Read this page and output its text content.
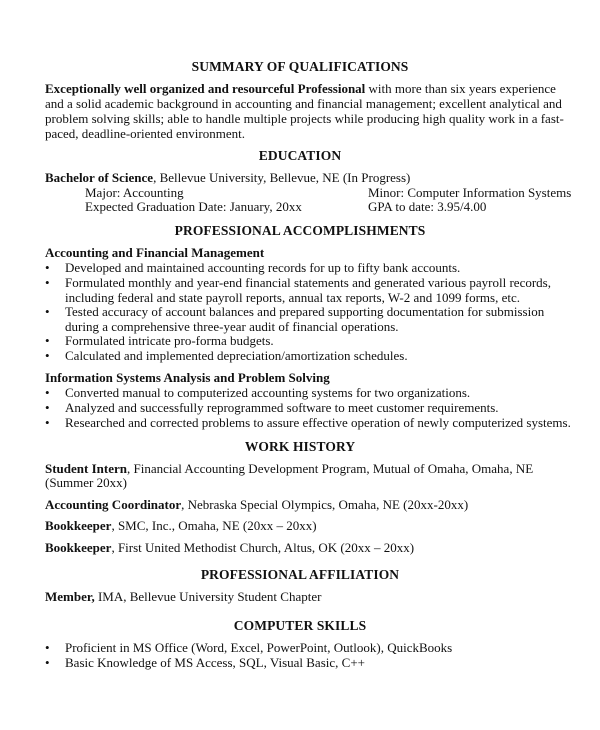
SUMMARY OF QUALIFICATIONS
Exceptionally well organized and resourceful Professional with more than six years experience and a solid academic background in accounting and financial management; excellent analytical and problem solving skills; able to handle multiple projects while producing high quality work in a fast-paced, deadline-oriented environment.
EDUCATION
Bachelor of Science, Bellevue University, Bellevue, NE (In Progress)
Major: Accounting	Minor: Computer Information Systems
Expected Graduation Date: January, 20xx	GPA to date: 3.95/4.00
PROFESSIONAL ACCOMPLISHMENTS
Accounting and Financial Management
• Developed and maintained accounting records for up to fifty bank accounts.
• Formulated monthly and year-end financial statements and generated various payroll records, including federal and state payroll reports, annual tax reports, W-2 and 1099 forms, etc.
• Tested accuracy of account balances and prepared supporting documentation for submission during a comprehensive three-year audit of financial operations.
• Formulated intricate pro-forma budgets.
• Calculated and implemented depreciation/amortization schedules.
Information Systems Analysis and Problem Solving
• Converted manual to computerized accounting systems for two organizations.
• Analyzed and successfully reprogrammed software to meet customer requirements.
• Researched and corrected problems to assure effective operation of newly computerized systems.
WORK HISTORY
Student Intern, Financial Accounting Development Program, Mutual of Omaha, Omaha, NE
(Summer 20xx)
Accounting Coordinator, Nebraska Special Olympics, Omaha, NE (20xx-20xx)
Bookkeeper, SMC, Inc., Omaha, NE (20xx – 20xx)
Bookkeeper, First United Methodist Church, Altus, OK (20xx – 20xx)
PROFESSIONAL AFFILIATION
Member, IMA, Bellevue University Student Chapter
COMPUTER SKILLS
• Proficient in MS Office (Word, Excel, PowerPoint, Outlook), QuickBooks
• Basic Knowledge of MS Access, SQL, Visual Basic, C++
